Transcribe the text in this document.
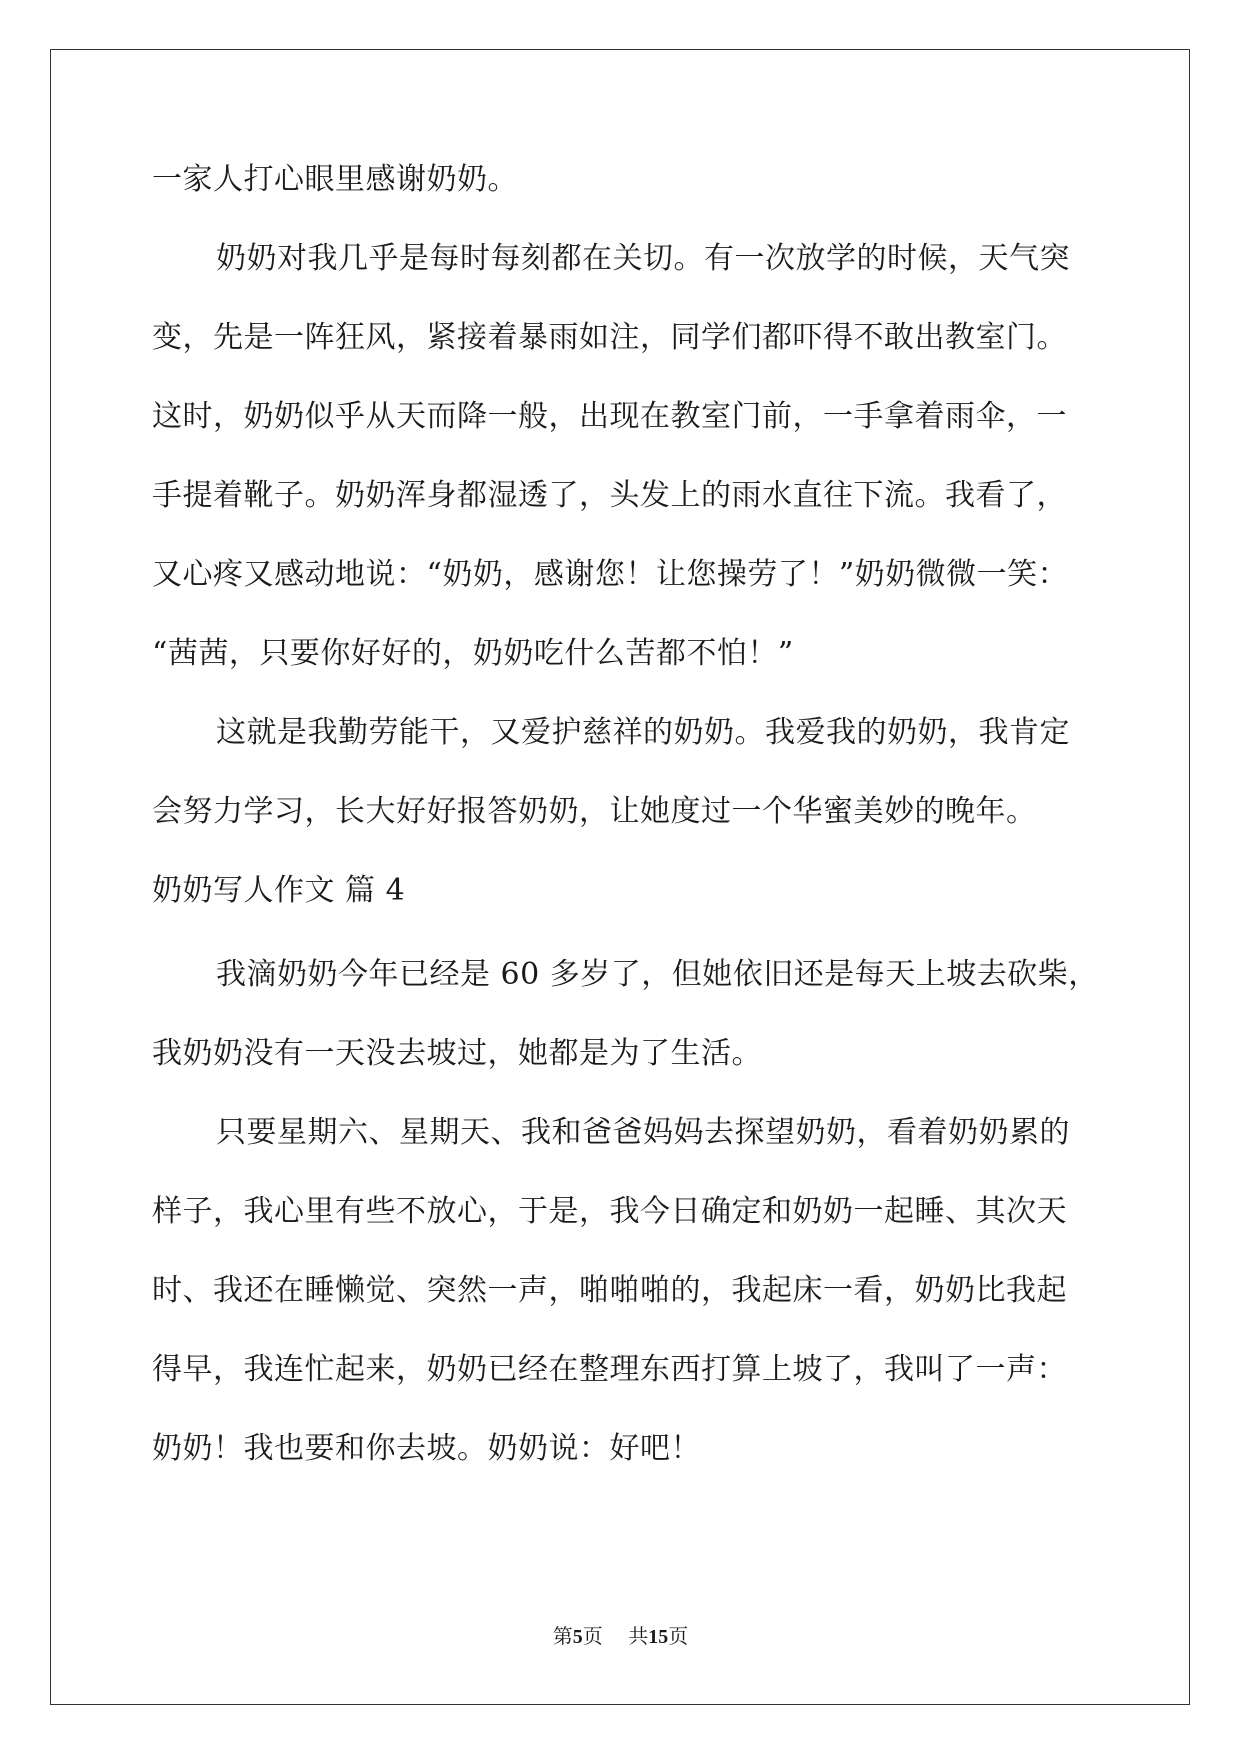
一家人打心眼里感谢奶奶。
奶奶对我几乎是每时每刻都在关切。有一次放学的时候，天气突
变，先是一阵狂风，紧接着暴雨如注，同学们都吓得不敢出教室门。
这时，奶奶似乎从天而降一般，出现在教室门前，一手拿着雨伞，一
手提着靴子。奶奶浑身都湿透了，头发上的雨水直往下流。我看了，
又心疼又感动地说：“奶奶，感谢您！让您操劳了！”奶奶微微一笑：
“茜茜，只要你好好的，奶奶吃什么苦都不怕！”
这就是我勤劳能干，又爱护慈祥的奶奶。我爱我的奶奶，我肯定
会努力学习，长大好好报答奶奶，让她度过一个华蜜美妙的晚年。
奶奶写人作文 篇 4
我滴奶奶今年已经是 60 多岁了，但她依旧还是每天上坡去砍柴，
我奶奶没有一天没去坡过，她都是为了生活。
只要星期六、星期天、我和爸爸妈妈去探望奶奶，看着奶奶累的
样子，我心里有些不放心，于是，我今日确定和奶奶一起睡、其次天
时、我还在睡懒觉、突然一声，啪啪啪的，我起床一看，奶奶比我起
得早，我连忙起来，奶奶已经在整理东西打算上坡了，我叫了一声：
奶奶！我也要和你去坡。奶奶说：好吧！
第5页 共15页
